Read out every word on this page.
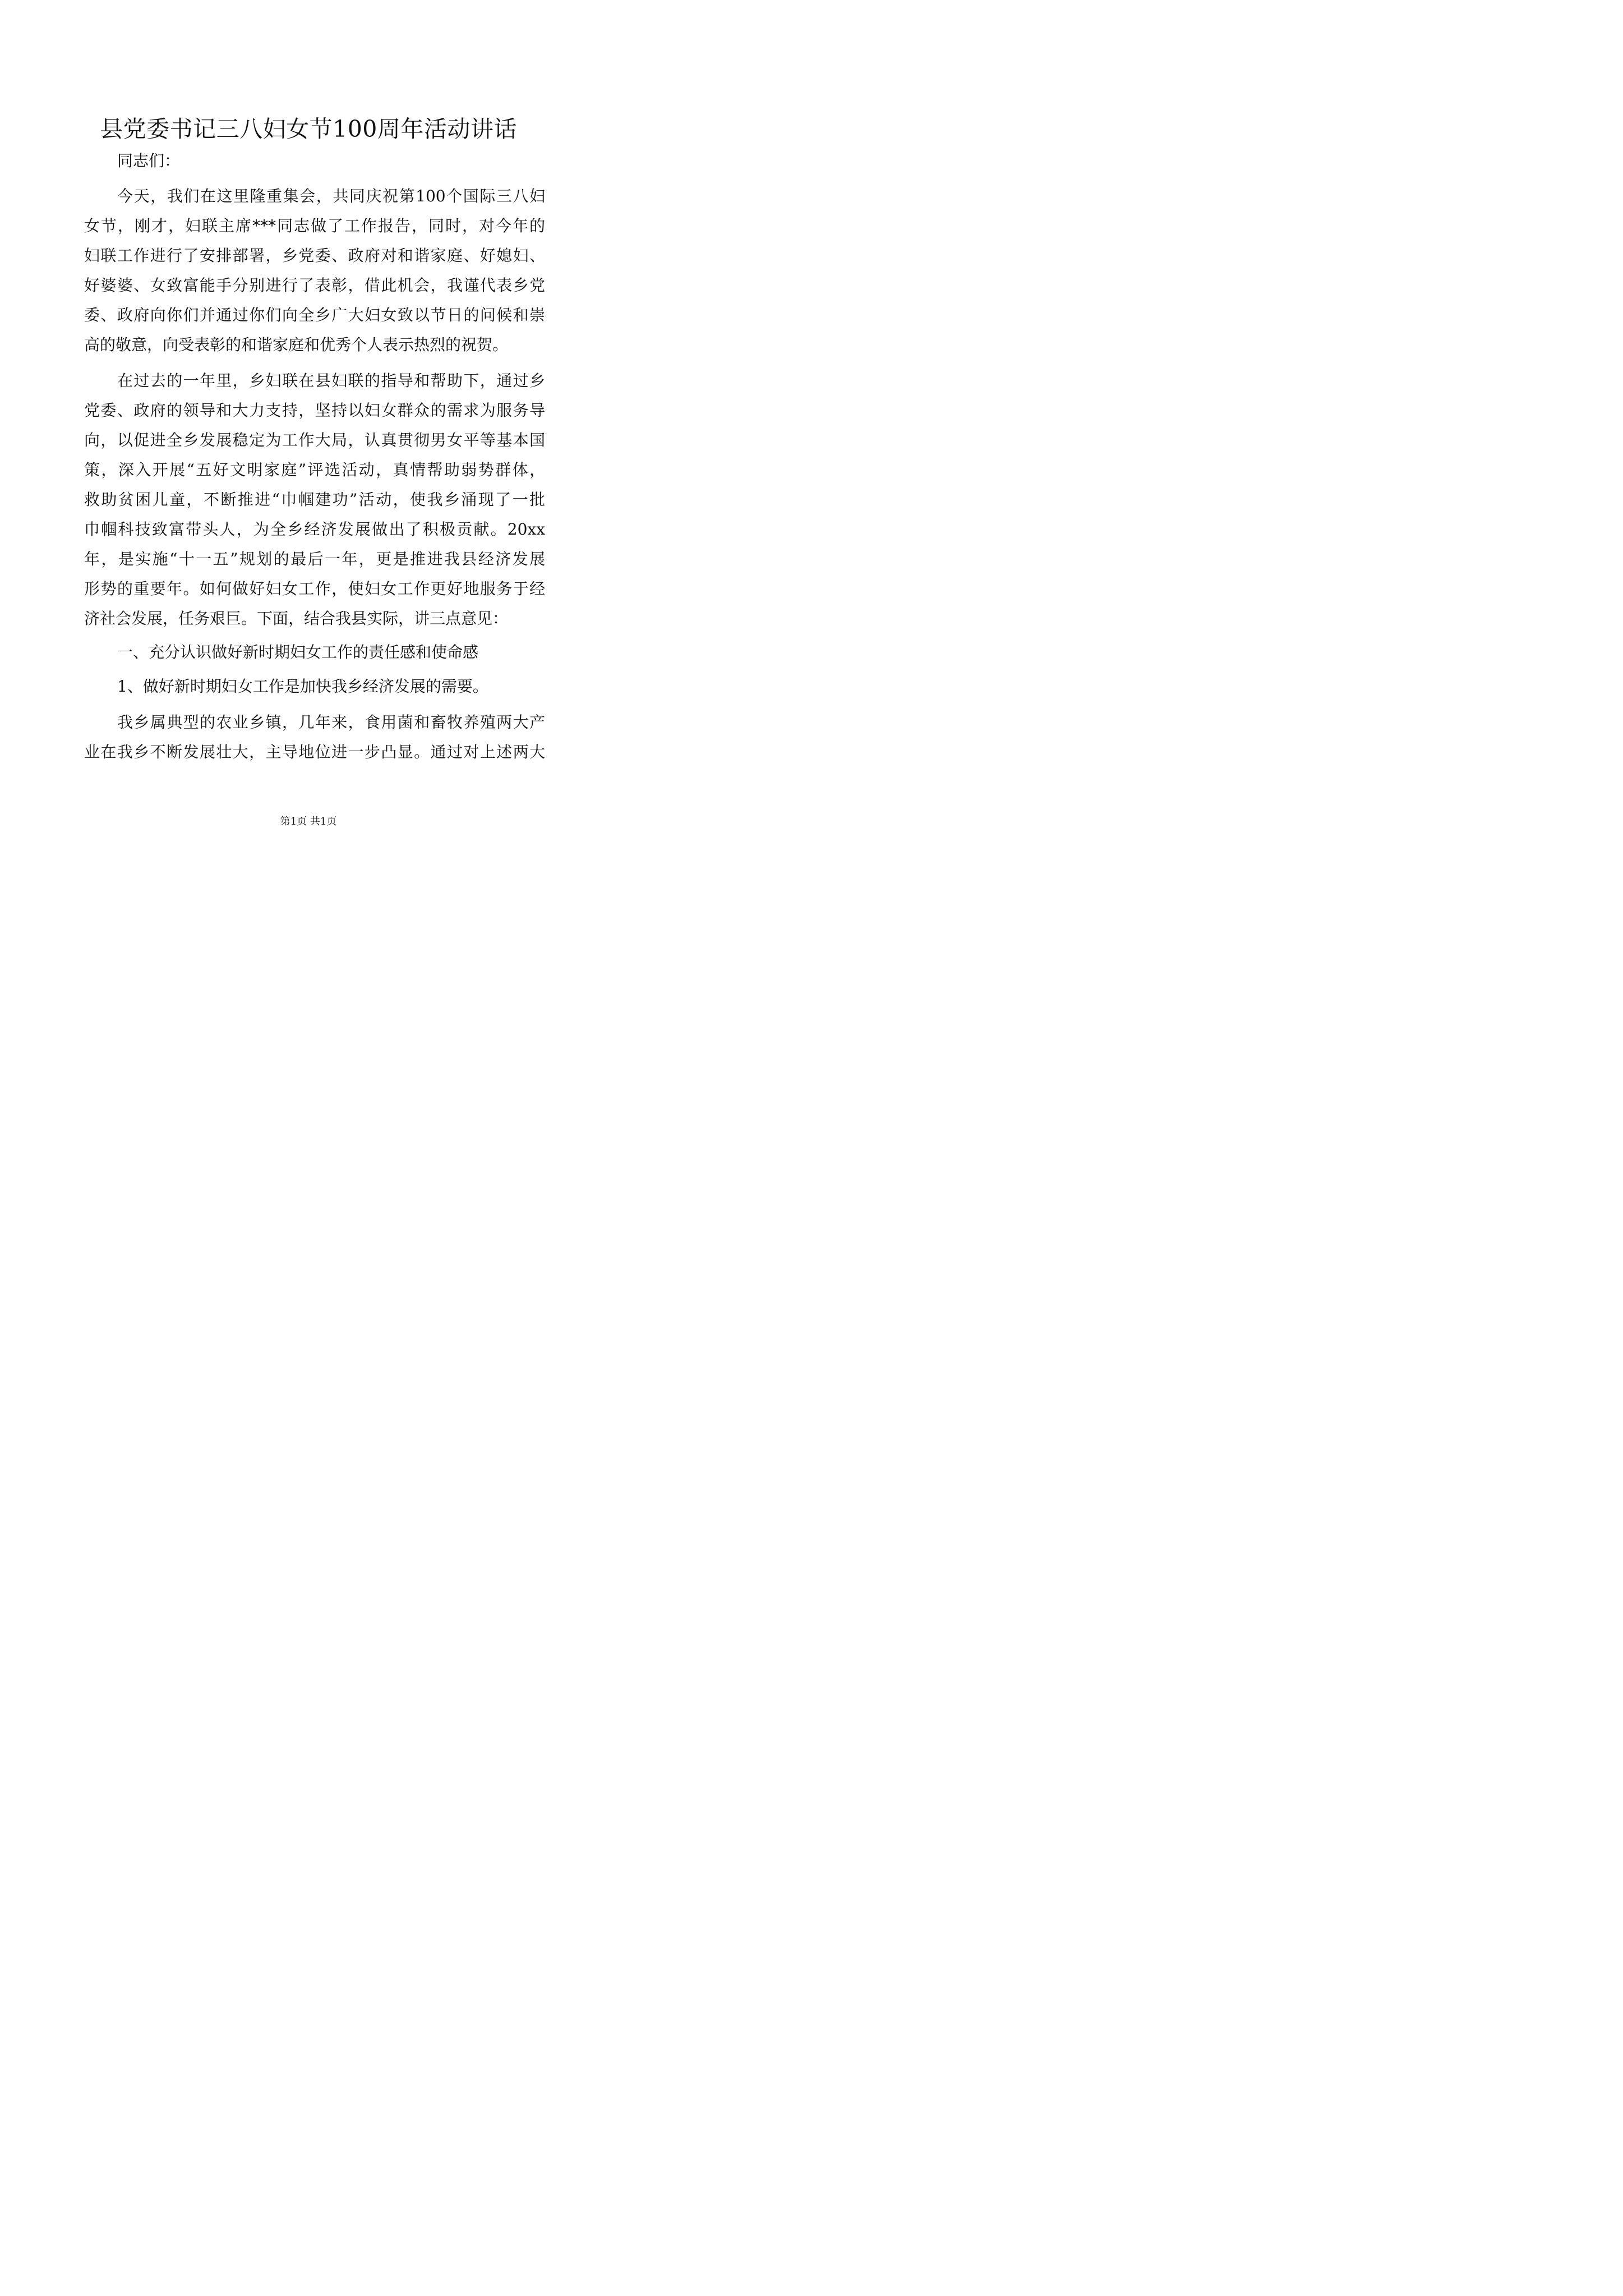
县党委书记三八妇女节100周年活动讲话
同志们：
今天，我们在这里隆重集会，共同庆祝第100个国际三八妇
女节，刚才，妇联主席***同志做了工作报告，同时，对今年的
妇联工作进行了安排部署，乡党委、政府对和谐家庭、好媳妇、
好婆婆、女致富能手分别进行了表彰，借此机会，我谨代表乡党
委、政府向你们并通过你们向全乡广大妇女致以节日的问候和崇
高的敬意，向受表彰的和谐家庭和优秀个人表示热烈的祝贺。
在过去的一年里，乡妇联在县妇联的指导和帮助下，通过乡
党委、政府的领导和大力支持，坚持以妇女群众的需求为服务导
向，以促进全乡发展稳定为工作大局，认真贯彻男女平等基本国
策，深入开展“五好文明家庭”评选活动，真情帮助弱势群体，
救助贫困儿童，不断推进“巾帼建功”活动，使我乡涌现了一批
巾帼科技致富带头人，为全乡经济发展做出了积极贡献。20xx
年，是实施“十一五”规划的最后一年，更是推进我县经济发展
形势的重要年。如何做好妇女工作，使妇女工作更好地服务于经
济社会发展，任务艰巨。下面，结合我县实际，讲三点意见：
一、充分认识做好新时期妇女工作的责任感和使命感
1、做好新时期妇女工作是加快我乡经济发展的需要。
我乡属典型的农业乡镇，几年来，食用菌和畜牧养殖两大产
业在我乡不断发展壮大，主导地位进一步凸显。通过对上述两大
第1页 共1页
